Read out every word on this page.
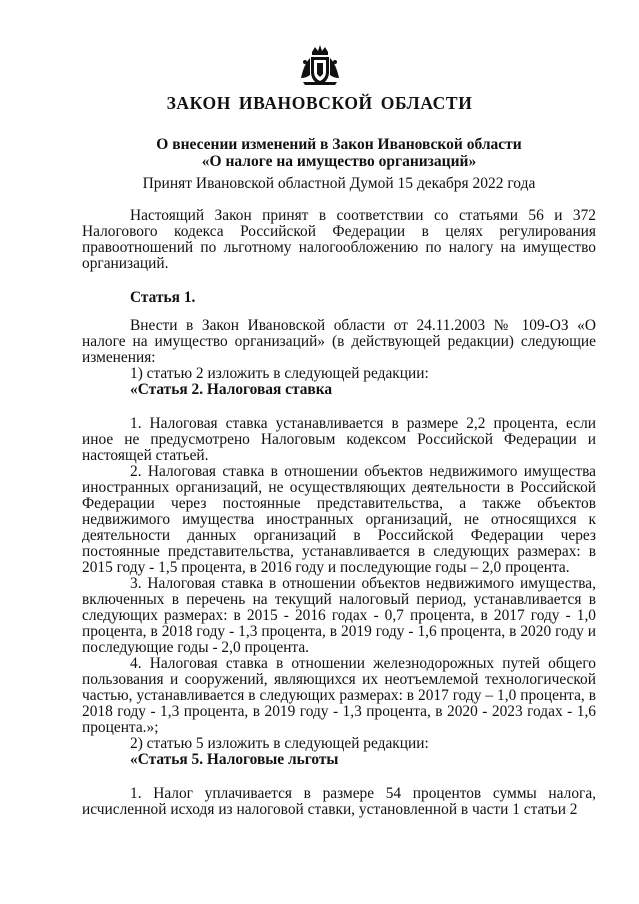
ЗАКОН ИВАНОВСКОЙ ОБЛАСТИ
О внесении изменений в Закон Ивановской области
«О налоге на имущество организаций»
Принят Ивановской областной Думой 15 декабря 2022 года

Настоящий Закон принят в соответствии со статьями 56 и 372 Налогового кодекса Российской Федерации в целях регулирования правоотношений по льготному налогообложению по налогу на имущество организаций.

Статья 1.

Внести в Закон Ивановской области от 24.11.2003 № 109-ОЗ «О налоге на имущество организаций» (в действующей редакции) следующие изменения:

1) статью 2 изложить в следующей редакции:

«Статья 2. Налоговая ставка

1. Налоговая ставка устанавливается в размере 2,2 процента, если иное не предусмотрено Налоговым кодексом Российской Федерации и настоящей статьей.

2. Налоговая ставка в отношении объектов недвижимого имущества иностранных организаций, не осуществляющих деятельности в Российской Федерации через постоянные представительства, а также объектов недвижимого имущества иностранных организаций, не относящихся к деятельности данных организаций в Российской Федерации через постоянные представительства, устанавливается в следующих размерах: в 2015 году - 1,5 процента, в 2016 году и последующие годы – 2,0 процента.

3. Налоговая ставка в отношении объектов недвижимого имущества, включенных в перечень на текущий налоговый период, устанавливается в следующих размерах: в 2015 - 2016 годах - 0,7 процента, в 2017 году - 1,0 процента, в 2018 году - 1,3 процента, в 2019 году - 1,6 процента, в 2020 году и последующие годы - 2,0 процента.

4. Налоговая ставка в отношении железнодорожных путей общего пользования и сооружений, являющихся их неотъемлемой технологической частью, устанавливается в следующих размерах: в 2017 году – 1,0 процента, в 2018 году - 1,3 процента, в 2019 году - 1,3 процента, в 2020 - 2023 годах - 1,6 процента.»;

2) статью 5 изложить в следующей редакции:

«Статья 5. Налоговые льготы

1. Налог уплачивается в размере 54 процентов суммы налога, исчисленной исходя из налоговой ставки, установленной в части 1 статьи 2
